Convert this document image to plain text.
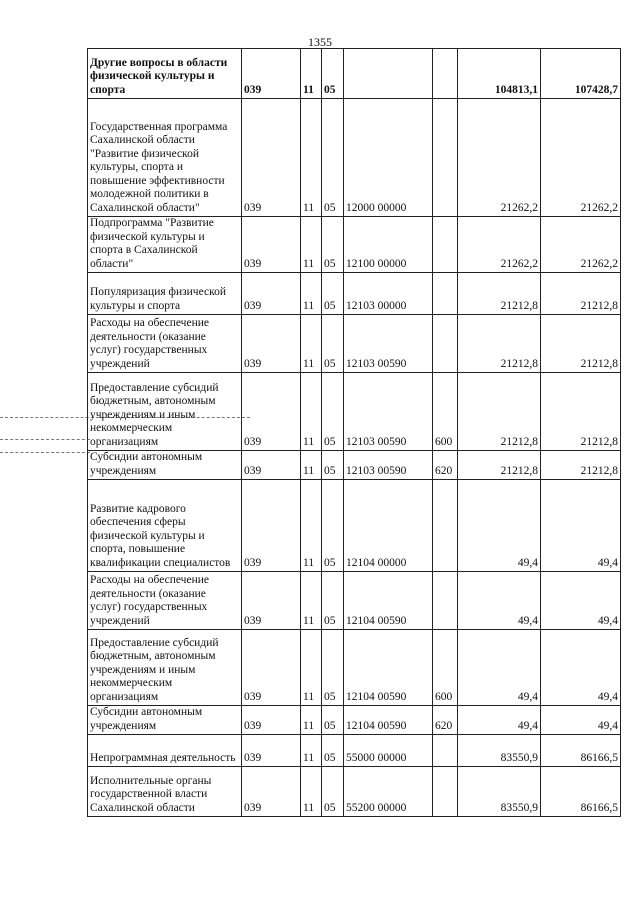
1355
Другие вопросы в области физической культуры и спорта	039	11	05			104813,1	107428,7
Государственная программа Сахалинской области "Развитие физической культуры, спорта и повышение эффективности молодежной политики в Сахалинской области"	039	11	05	12000 00000		21262,2	21262,2
Подпрограмма "Развитие физической культуры и спорта в Сахалинской области"	039	11	05	12100 00000		21262,2	21262,2
Популяризация физической культуры и спорта	039	11	05	12103 00000		21212,8	21212,8
Расходы на обеспечение деятельности (оказание услуг) государственных учреждений	039	11	05	12103 00590		21212,8	21212,8
Предоставление субсидий бюджетным, автономным учреждениям и иным некоммерческим организациям	039	11	05	12103 00590	600	21212,8	21212,8
Субсидии автономным учреждениям	039	11	05	12103 00590	620	21212,8	21212,8
Развитие кадрового обеспечения сферы физической культуры и спорта, повышение квалификации специалистов	039	11	05	12104 00000		49,4	49,4
Расходы на обеспечение деятельности (оказание услуг) государственных учреждений	039	11	05	12104 00590		49,4	49,4
Предоставление субсидий бюджетным, автономным учреждениям и иным некоммерческим организациям	039	11	05	12104 00590	600	49,4	49,4
Субсидии автономным учреждениям	039	11	05	12104 00590	620	49,4	49,4
Непрограммная деятельность	039	11	05	55000 00000		83550,9	86166,5
Исполнительные органы государственной власти Сахалинской области	039	11	05	55200 00000		83550,9	86166,5
